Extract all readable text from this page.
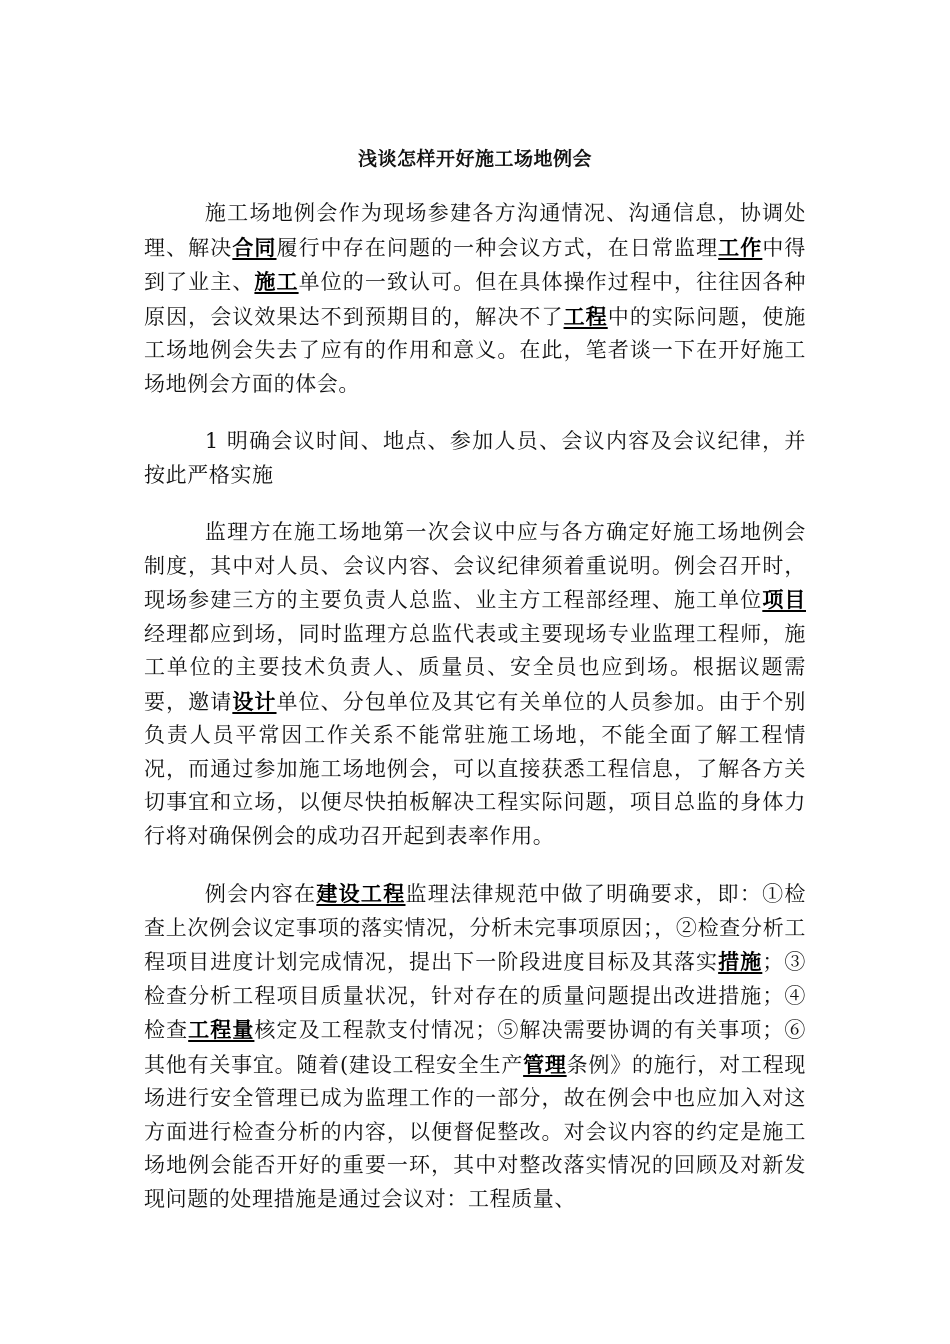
浅谈怎样开好施工场地例会

施工场地例会作为现场参建各方沟通情况、沟通信息，协调处理、解决合同履行中存在问题的一种会议方式，在日常监理工作中得到了业主、施工单位的一致认可。但在具体操作过程中，往往因各种原因，会议效果达不到预期目的，解决不了工程中的实际问题，使施工场地例会失去了应有的作用和意义。在此，笔者谈一下在开好施工场地例会方面的体会。

1 明确会议时间、地点、参加人员、会议内容及会议纪律，并按此严格实施

监理方在施工场地第一次会议中应与各方确定好施工场地例会制度，其中对人员、会议内容、会议纪律须着重说明。例会召开时，现场参建三方的主要负责人总监、业主方工程部经理、施工单位项目经理都应到场，同时监理方总监代表或主要现场专业监理工程师，施工单位的主要技术负责人、质量员、安全员也应到场。根据议题需要，邀请设计单位、分包单位及其它有关单位的人员参加。由于个别负责人员平常因工作关系不能常驻施工场地，不能全面了解工程情况，而通过参加施工场地例会，可以直接获悉工程信息，了解各方关切事宜和立场，以便尽快拍板解决工程实际问题，项目总监的身体力行将对确保例会的成功召开起到表率作用。

例会内容在建设工程监理法律规范中做了明确要求，即：①检查上次例会议定事项的落实情况，分析未完事项原因；，②检查分析工程项目进度计划完成情况，提出下一阶段进度目标及其落实措施；③检查分析工程项目质量状况，针对存在的质量问题提出改进措施；④检查工程量核定及工程款支付情况；⑤解决需要协调的有关事项；⑥其他有关事宜。随着(建设工程安全生产管理条例》的施行，对工程现场进行安全管理已成为监理工作的一部分，故在例会中也应加入对这方面进行检查分析的内容，以便督促整改。对会议内容的约定是施工场地例会能否开好的重要一环，其中对整改落实情况的回顾及对新发现问题的处理措施是通过会议对：工程质量、
